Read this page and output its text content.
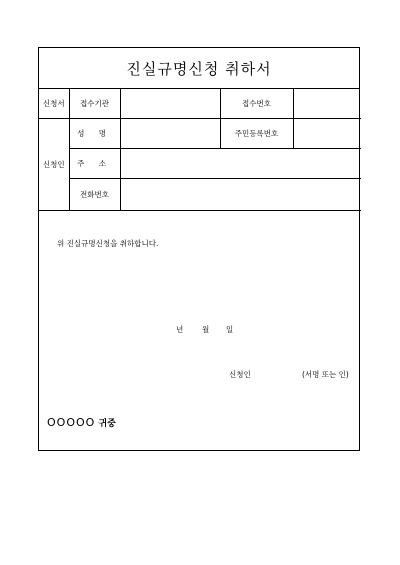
진실규명신청 취하서
신청서	접수기관		접수번호	
신청인	성 명		주민등록번호	
	주 소			
	전화번호			
위 진실규명신청을 취하합니다.
년	월 일
신청인	(서명 또는 인)
OOOOO 귀중
